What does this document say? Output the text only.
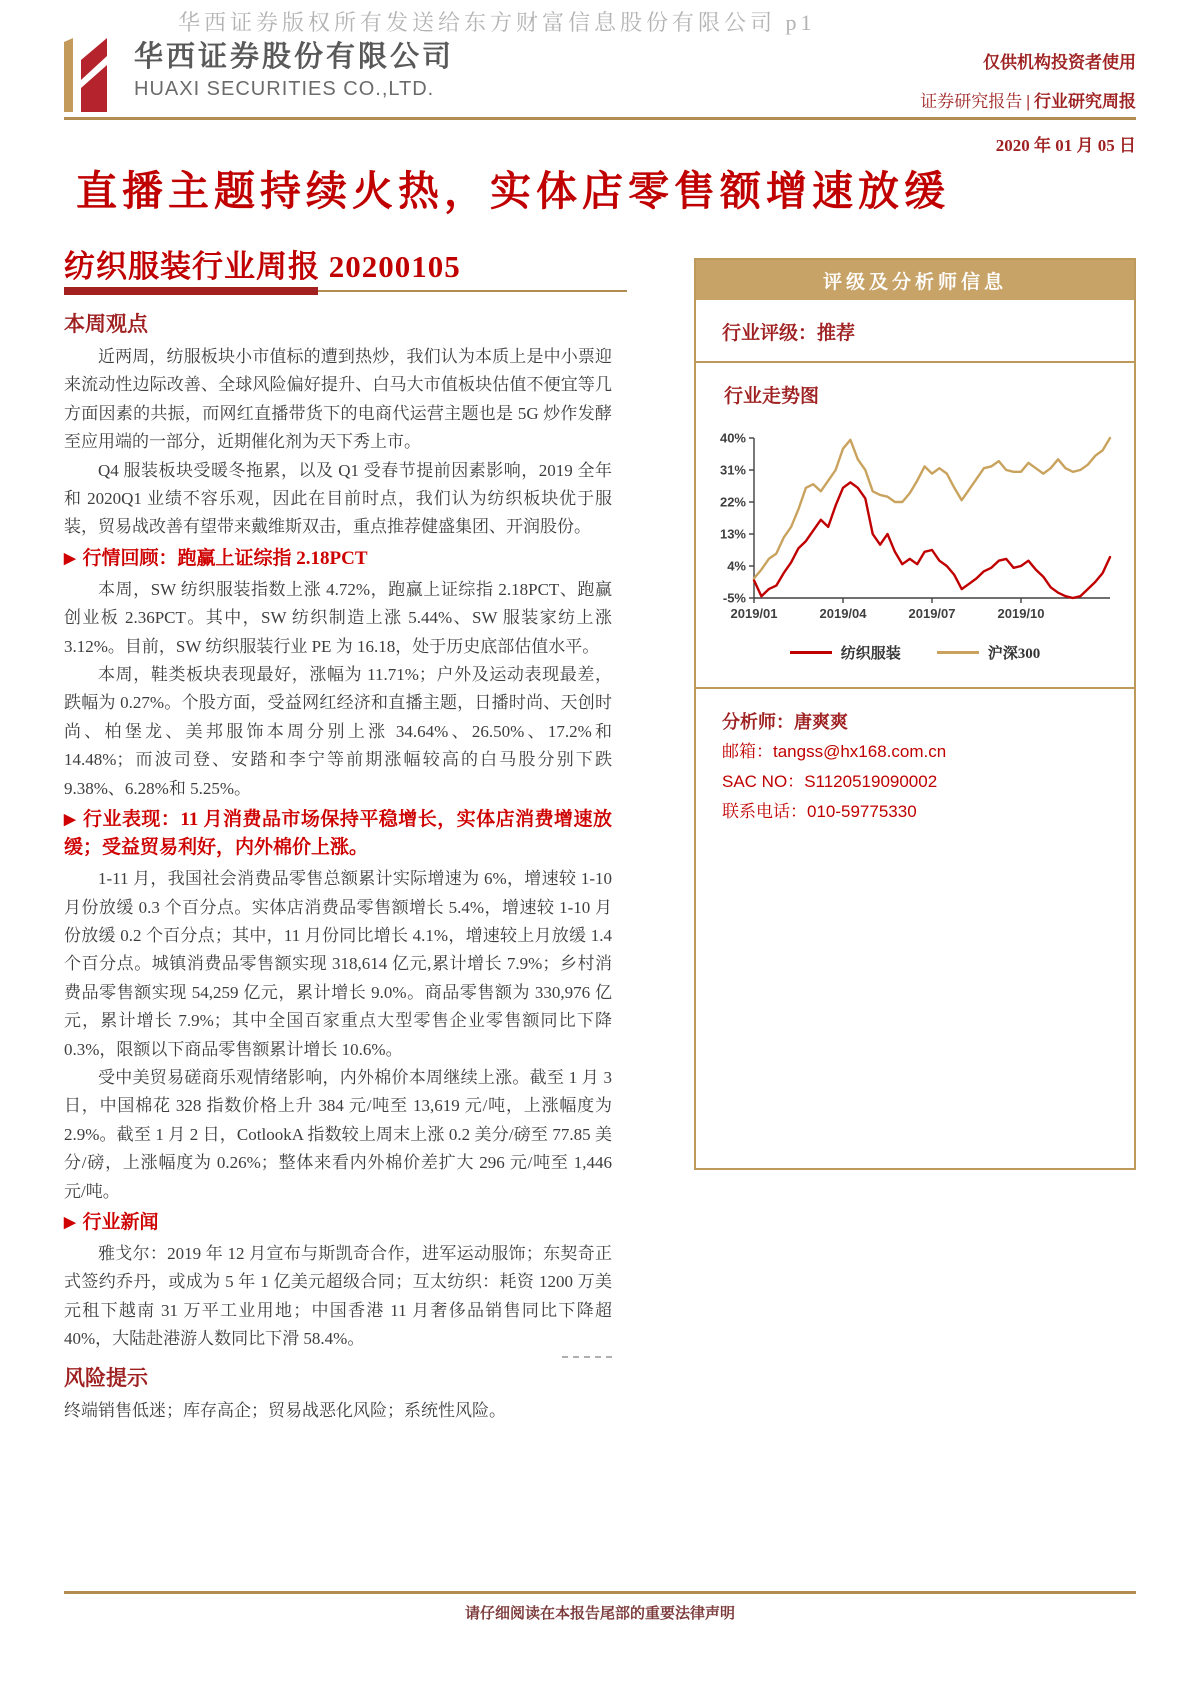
华西证券版权所有发送给东方财富信息股份有限公司 p1
华西证券股份有限公司
HUAXI SECURITIES CO.,LTD.
仅供机构投资者使用
证券研究报告 | 行业研究周报
2020 年 01 月 05 日
直播主题持续火热，实体店零售额增速放缓
纺织服装行业周报 20200105
本周观点

近两周，纺服板块小市值标的遭到热炒，我们认为本质上是中小票迎来流动性边际改善、全球风险偏好提升、白马大市值板块估值不便宜等几方面因素的共振，而网红直播带货下的电商代运营主题也是 5G 炒作发酵至应用端的一部分，近期催化剂为天下秀上市。

Q4 服装板块受暖冬拖累，以及 Q1 受春节提前因素影响，2019 全年和 2020Q1 业绩不容乐观，因此在目前时点，我们认为纺织板块优于服装，贸易战改善有望带来戴维斯双击，重点推荐健盛集团、开润股份。

▶ 行情回顾：跑赢上证综指 2.18PCT

本周，SW 纺织服装指数上涨 4.72%，跑赢上证综指 2.18PCT、跑赢创业板 2.36PCT。其中，SW 纺织制造上涨 5.44%、SW 服装家纺上涨 3.12%。目前，SW 纺织服装行业 PE 为 16.18，处于历史底部估值水平。

本周，鞋类板块表现最好，涨幅为 11.71%；户外及运动表现最差，跌幅为 0.27%。个股方面，受益网红经济和直播主题，日播时尚、天创时尚、柏堡龙、美邦服饰本周分别上涨 34.64%、26.50%、17.2%和 14.48%；而波司登、安踏和李宁等前期涨幅较高的白马股分别下跌 9.38%、6.28%和 5.25%。

▶ 行业表现：11 月消费品市场保持平稳增长，实体店消费增速放缓；受益贸易利好，内外棉价上涨。

1-11 月，我国社会消费品零售总额累计实际增速为 6%，增速较 1-10 月份放缓 0.3 个百分点。实体店消费品零售额增长 5.4%，增速较 1-10 月份放缓 0.2 个百分点；其中，11 月份同比增长 4.1%，增速较上月放缓 1.4 个百分点。城镇消费品零售额实现 318,614 亿元,累计增长 7.9%；乡村消费品零售额实现 54,259 亿元，累计增长 9.0%。商品零售额为 330,976 亿元，累计增长 7.9%；其中全国百家重点大型零售企业零售额同比下降 0.3%，限额以下商品零售额累计增长 10.6%。

受中美贸易磋商乐观情绪影响，内外棉价本周继续上涨。截至 1 月 3 日，中国棉花 328 指数价格上升 384 元/吨至 13,619 元/吨，上涨幅度为 2.9%。截至 1 月 2 日，CotlookA 指数较上周末上涨 0.2 美分/磅至 77.85 美分/磅，上涨幅度为 0.26%；整体来看内外棉价差扩大 296 元/吨至 1,446 元/吨。

▶ 行业新闻

雅戈尔：2019 年 12 月宣布与斯凯奇合作，进军运动服饰；东契奇正式签约乔丹，或成为 5 年 1 亿美元超级合同；互太纺织：耗资 1200 万美元租下越南 31 万平工业用地；中国香港 11 月奢侈品销售同比下降超 40%，大陆赴港游人数同比下滑 58.4%。

风险提示

终端销售低迷；库存高企；贸易战恶化风险；系统性风险。

评级及分析师信息
行业评级：推荐
行业走势图
40%
31%
22%
13%
4%
-5%
2019/01	2019/04	2019/07	2019/10
纺织服装	沪深300
分析师：唐爽爽
邮箱：tangss@hx168.com.cn
SAC NO：S1120519090002
联系电话：010-59775330
请仔细阅读在本报告尾部的重要法律声明
